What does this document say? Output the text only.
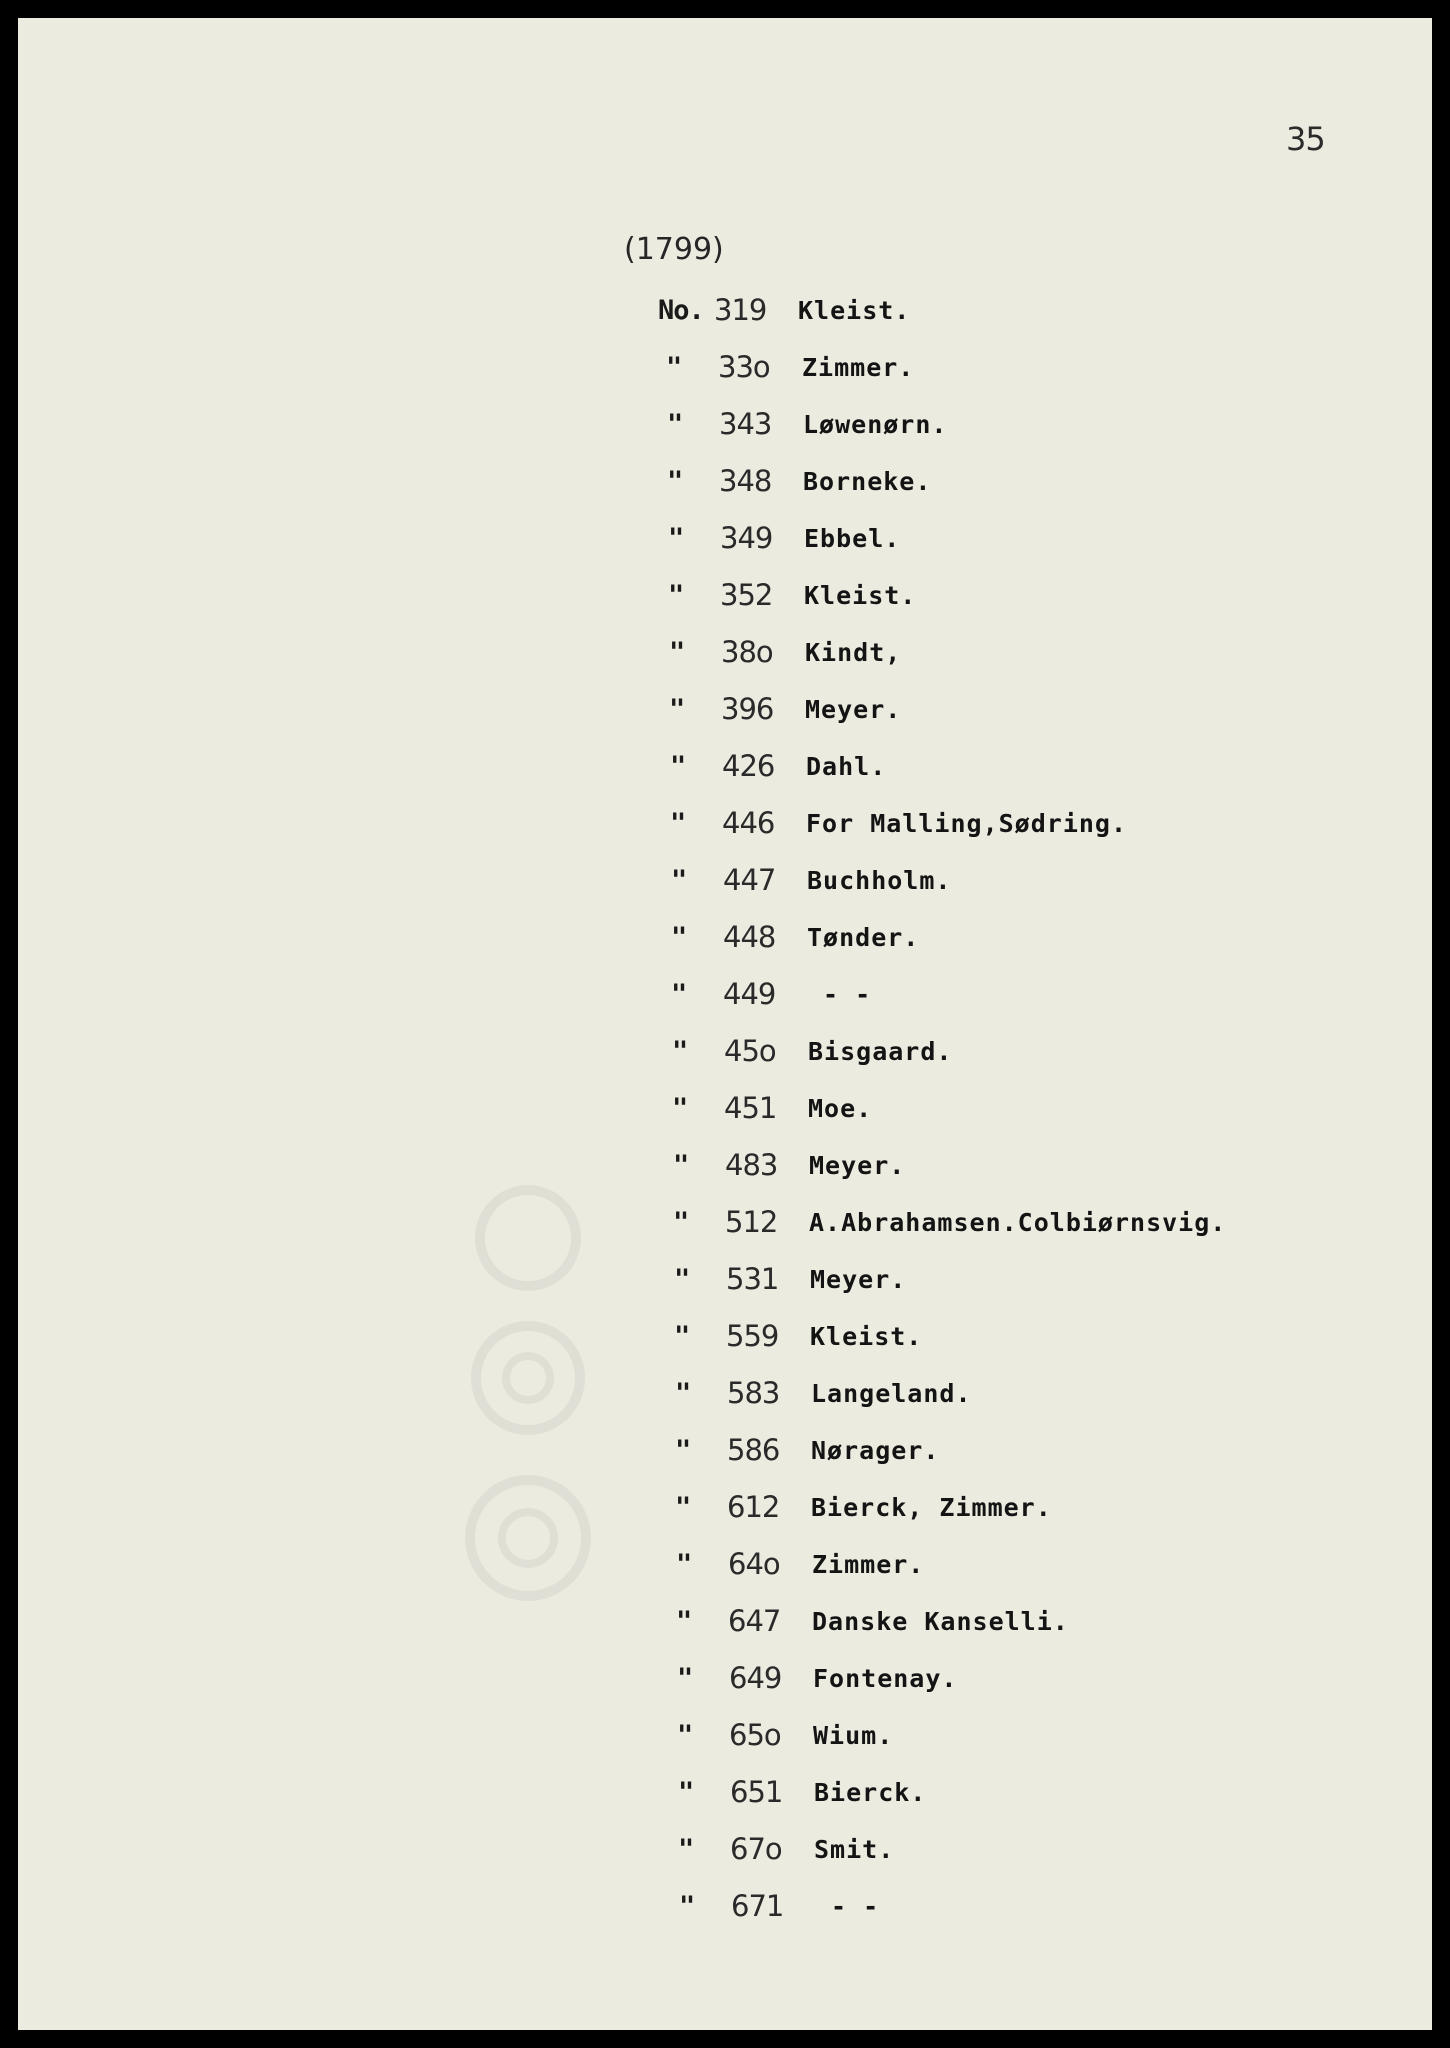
35
(1799)
No. 319	Kleist.
"	33o	Zimmer.
"	343	Løwenørn.
"	348	Borneke.
"	349	Ebbel.
"	352	Kleist.
"	38o	Kindt,
"	396	Meyer.
"	426	Dahl.
"	446	For Malling,Sødring.
"	447	Buchholm.
"	448	Tønder.
"	449	- -
"	45o	Bisgaard.
"	451	Moe.
"	483	Meyer.
"	512	A.Abrahamsen.Colbiørnsvig.
"	531	Meyer.
"	559	Kleist.
"	583	Langeland.
"	586	Nørager.
"	612	Bierck, Zimmer.
"	64o	Zimmer.
"	647	Danske Kanselli.
"	649	Fontenay.
"	65o	Wium.
"	651	Bierck.
"	67o	Smit.
"	671	- -
